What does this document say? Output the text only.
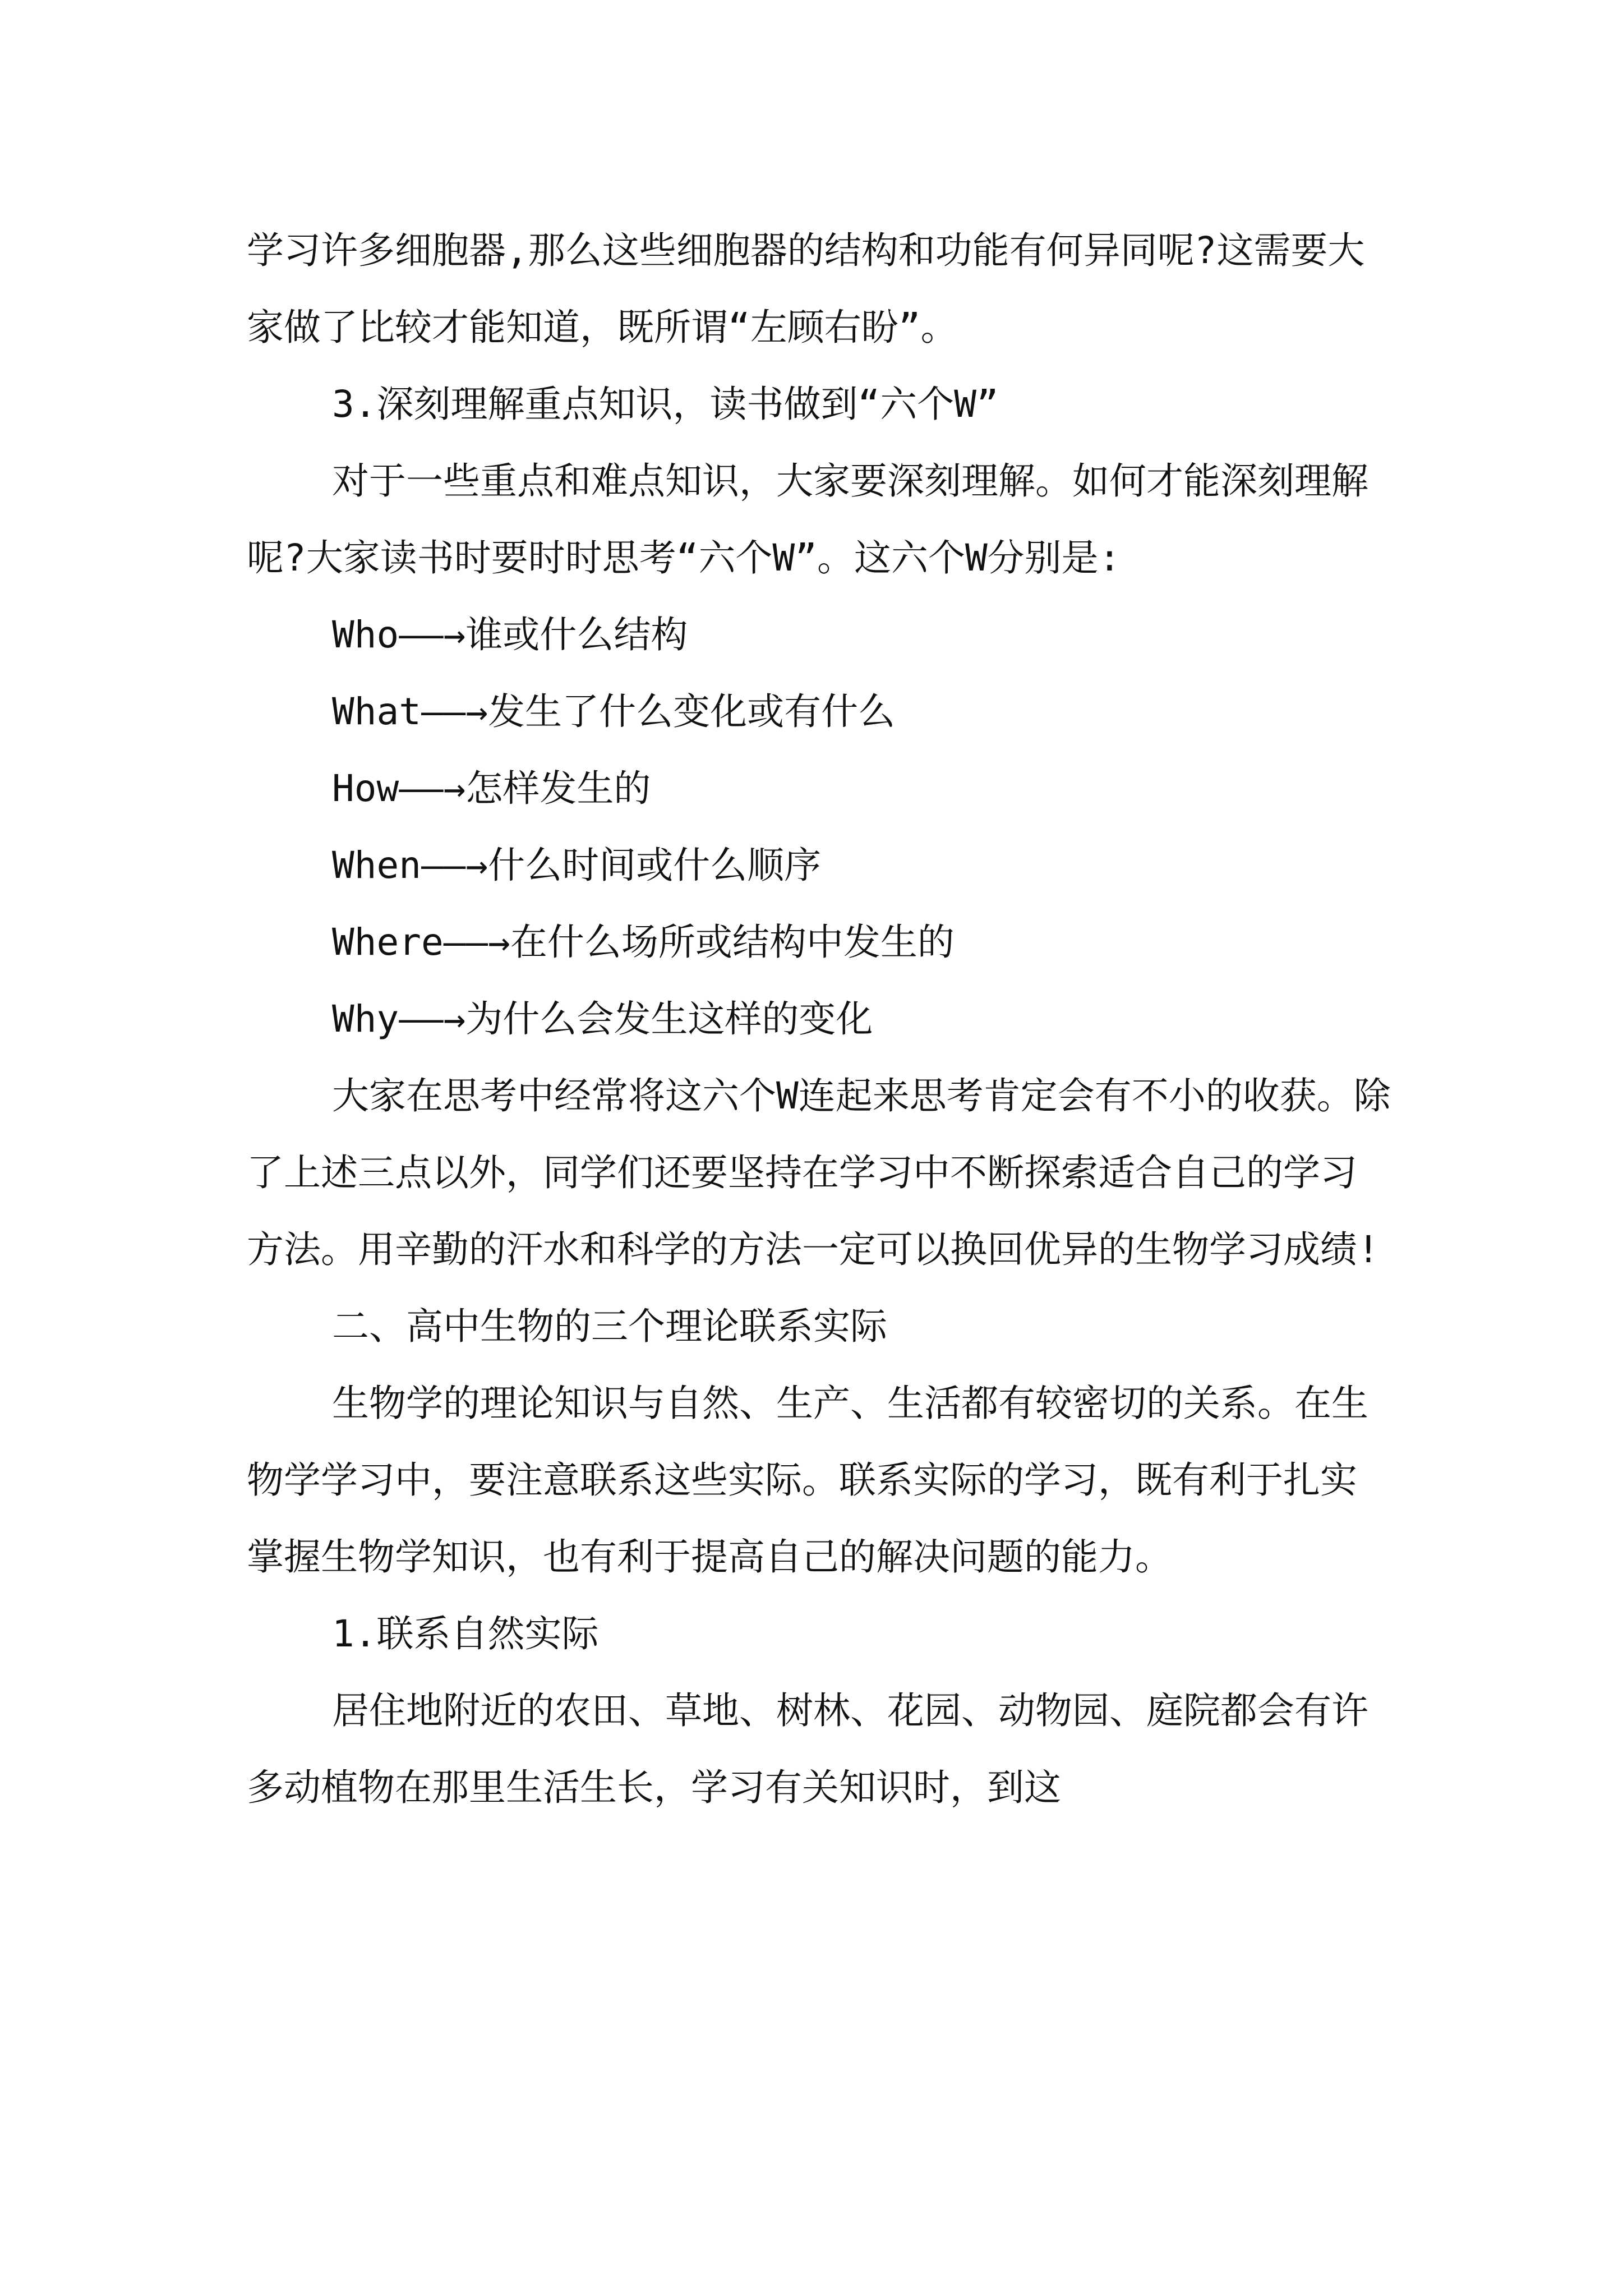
学习许多细胞器,那么这些细胞器的结构和功能有何异同呢?这需要大家做了比较才能知道，既所谓“左顾右盼”。

3.深刻理解重点知识，读书做到“六个W”

对于一些重点和难点知识，大家要深刻理解。如何才能深刻理解呢?大家读书时要时时思考“六个W”。这六个W分别是:

Who——→谁或什么结构

What——→发生了什么变化或有什么

How——→怎样发生的

When——→什么时间或什么顺序

Where——→在什么场所或结构中发生的

Why——→为什么会发生这样的变化

大家在思考中经常将这六个W连起来思考肯定会有不小的收获。除了上述三点以外，同学们还要坚持在学习中不断探索适合自己的学习方法。用辛勤的汗水和科学的方法一定可以换回优异的生物学习成绩!

二、高中生物的三个理论联系实际

生物学的理论知识与自然、生产、生活都有较密切的关系。在生物学学习中，要注意联系这些实际。联系实际的学习，既有利于扎实掌握生物学知识，也有利于提高自己的解决问题的能力。

1.联系自然实际

居住地附近的农田、草地、树林、花园、动物园、庭院都会有许多动植物在那里生活生长，学习有关知识时，到这
